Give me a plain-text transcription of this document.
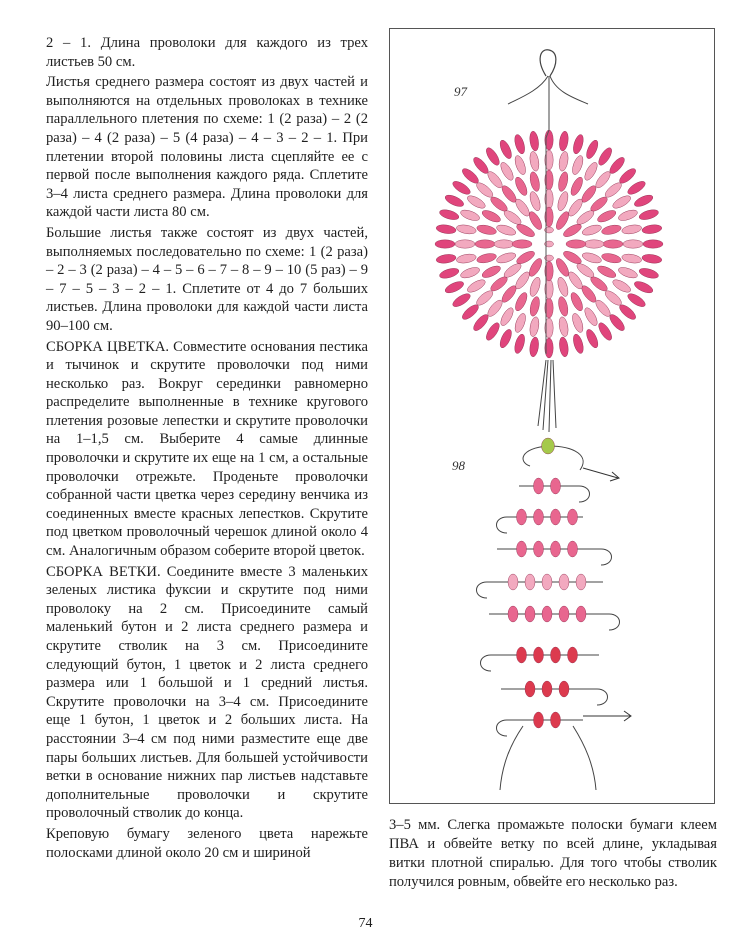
2 – 1. Длина проволоки для каждого из трех листьев 50 см.

Листья среднего размера состоят из двух частей и выполняются на отдельных проволоках в технике параллельного плетения по схеме: 1 (2 раза) – 2 (2 раза) – 4 (2 раза) – 5 (4 раза) – 4 – 3 – 2 – 1. При плетении второй половины листа сцепляйте ее с первой после выполнения каждого ряда. Сплетите 3–4 листа среднего размера. Длина проволоки для каждой части листа 80 см.

Большие листья также состоят из двух частей, выполняемых последовательно по схеме: 1 (2 раза) – 2 – 3 (2 раза) – 4 – 5 – 6 – 7 – 8 – 9 – 10 (5 раз) – 9 – 7 – 5 – 3 – 2 – 1. Сплетите от 4 до 7 больших листьев. Длина проволоки для каждой части листа 90–100 см.

СБОРКА ЦВЕТКА. Совместите основания пестика и тычинок и скрутите проволочки под ними несколько раз. Вокруг серединки равномерно распределите выполненные в технике кругового плетения розовые лепестки и скрутите проволочки на 1–1,5 см. Выберите 4 самые длинные проволочки и скрутите их еще на 1 см, а остальные проволочки отрежьте. Проденьте проволочки собранной части цветка через середину венчика из соединенных вместе красных лепестков. Скрутите под цветком проволочный черешок длиной около 4 см. Аналогичным образом соберите второй цветок.

СБОРКА ВЕТКИ. Соедините вместе 3 маленьких зеленых листика фуксии и скрутите под ними проволоку на 2 см. Присоедините самый маленький бутон и 2 листа среднего размера и скрутите стволик на 3 см. Присоедините следующий бутон, 1 цветок и 2 листа среднего размера или 1 большой и 1 средний листья. Скрутите проволочки на 3–4 см. Присоедините еще 1 бутон, 1 цветок и 2 больших листа. На расстоянии 3–4 см под ними разместите еще две пары больших листьев. Для большей устойчивости ветки в основание нижних пар листьев надставьте дополнительные проволочки и скрутите проволочный стволик до конца.

Креповую бумагу зеленого цвета нарежьте полосками длиной около 20 см и шириной

97
98

3–5 мм. Слегка промажьте полоски бумаги клеем ПВА и обвейте ветку по всей длине, укладывая витки плотной спиралью. Для того чтобы стволик получился ровным, обвейте его несколько раз.

74
